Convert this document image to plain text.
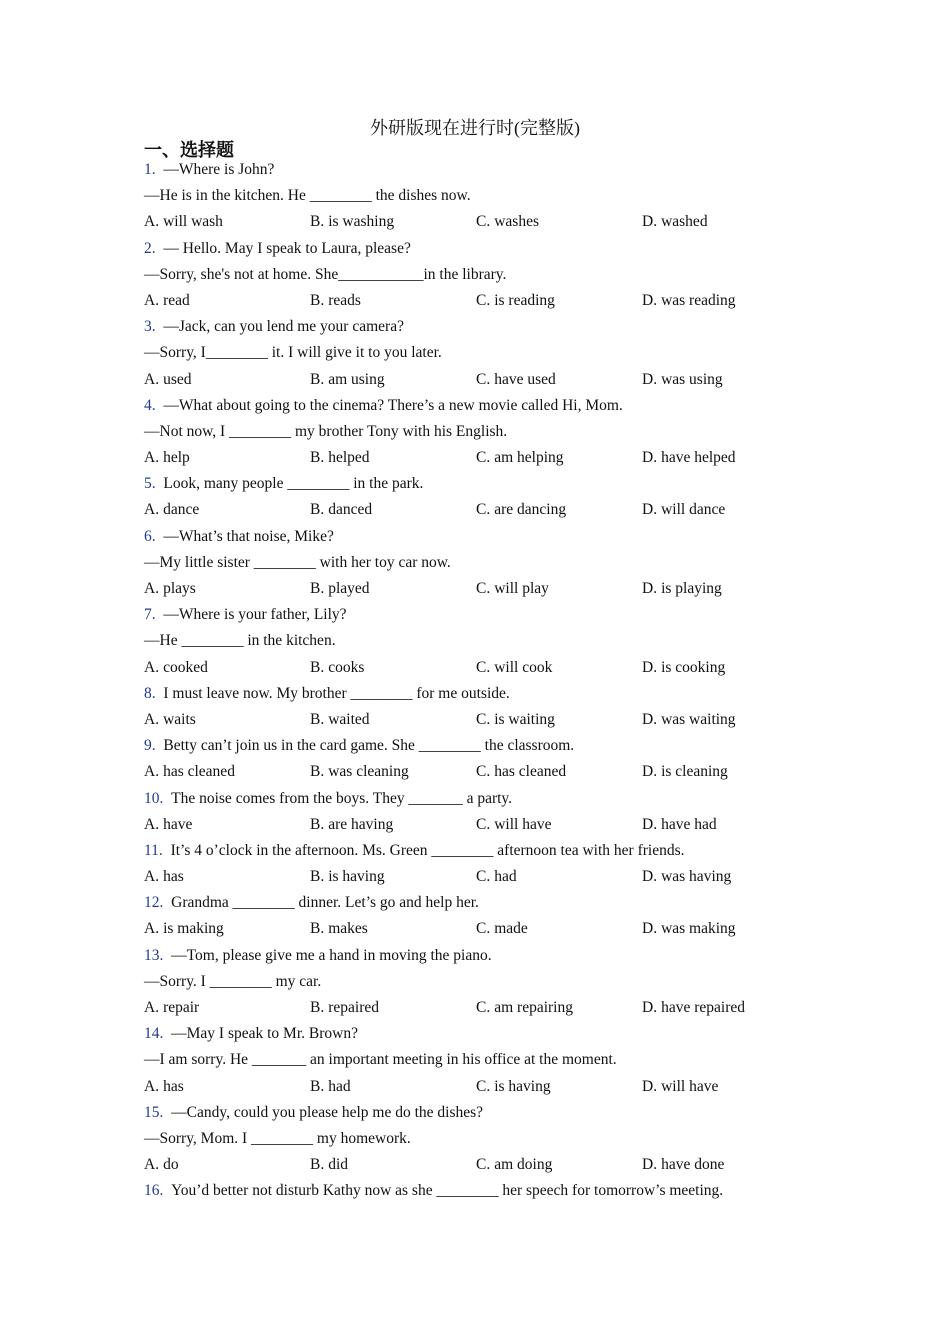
外研版现在进行时(完整版)
一、选择题
1. —Where is John?
—He is in the kitchen. He ________ the dishes now.
A. will wash	B. is washing	C. washes	D. washed
2. — Hello. May I speak to Laura, please?
—Sorry, she's not at home. She___________in the library.
A. read	B. reads	C. is reading	D. was reading
3. —Jack, can you lend me your camera?
—Sorry, I________ it. I will give it to you later.
A. used	B. am using	C. have used	D. was using
4. —What about going to the cinema? There’s a new movie called Hi, Mom.
—Not now, I ________ my brother Tony with his English.
A. help	B. helped	C. am helping	D. have helped
5. Look, many people ________ in the park.
A. dance	B. danced	C. are dancing	D. will dance
6. —What’s that noise, Mike?
—My little sister ________ with her toy car now.
A. plays	B. played	C. will play	D. is playing
7. —Where is your father, Lily?
—He ________ in the kitchen.
A. cooked	B. cooks	C. will cook	D. is cooking
8. I must leave now. My brother ________ for me outside.
A. waits	B. waited	C. is waiting	D. was waiting
9. Betty can’t join us in the card game. She ________ the classroom.
A. has cleaned	B. was cleaning	C. has cleaned	D. is cleaning
10. The noise comes from the boys. They _______ a party.
A. have	B. are having	C. will have	D. have had
11. It’s 4 o’clock in the afternoon. Ms. Green ________ afternoon tea with her friends.
A. has	B. is having	C. had	D. was having
12. Grandma ________ dinner. Let’s go and help her.
A. is making	B. makes	C. made	D. was making
13. —Tom, please give me a hand in moving the piano.
—Sorry. I ________ my car.
A. repair	B. repaired	C. am repairing	D. have repaired
14. —May I speak to Mr. Brown?
—I am sorry. He _______ an important meeting in his office at the moment.
A. has	B. had	C. is having	D. will have
15. —Candy, could you please help me do the dishes?
—Sorry, Mom. I ________ my homework.
A. do	B. did	C. am doing	D. have done
16. You’d better not disturb Kathy now as she ________ her speech for tomorrow’s meeting.
